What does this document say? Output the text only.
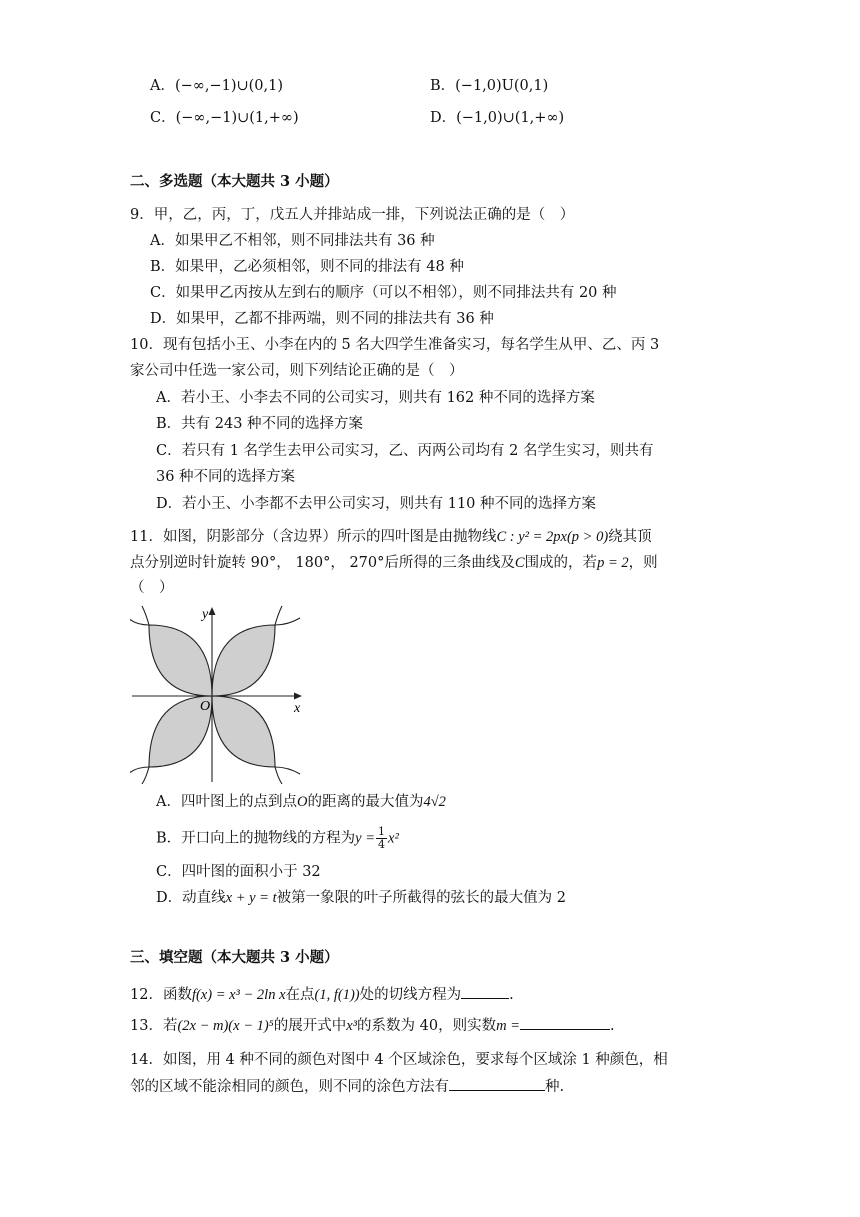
A．(−∞,−1)∪(0,1)	B．(−1,0)U(0,1)
C．(−∞,−1)∪(1,+∞)	D．(−1,0)∪(1,+∞)
二、多选题（本大题共 3 小题）
9．甲，乙，丙，丁，戊五人并排站成一排，下列说法正确的是（　）
A．如果甲乙不相邻，则不同排法共有 36 种
B．如果甲，乙必须相邻，则不同的排法有 48 种
C．如果甲乙丙按从左到右的顺序（可以不相邻），则不同排法共有 20 种
D．如果甲，乙都不排两端，则不同的排法共有 36 种
10．现有包括小王、小李在内的 5 名大四学生准备实习，每名学生从甲、乙、丙 3
家公司中任选一家公司，则下列结论正确的是（　）
A．若小王、小李去不同的公司实习，则共有 162 种不同的选择方案
B．共有 243 种不同的选择方案
C．若只有 1 名学生去甲公司实习，乙、丙两公司均有 2 名学生实习，则共有
36 种不同的选择方案
D．若小王、小李都不去甲公司实习，则共有 110 种不同的选择方案
11．如图，阴影部分（含边界）所示的四叶图是由抛物线C : y² = 2px(p > 0)绕其顶
点分别逆时针旋转 90°， 180°， 270°后所得的三条曲线及C围成的，若p = 2，则
（　）
y
x
O
A．四叶图上的点到点O的距离的最大值为4√2
B．开口向上的抛物线的方程为$y = \frac{1}{4} x^2$
C．四叶图的面积小于 32
D．动直线x + y = t被第一象限的叶子所截得的弦长的最大值为 2
三、填空题（本大题共 3 小题）
12．函数f(x) = x³ − 2ln x在点(1, f(1))处的切线方程为	.
13．若(2x − m)(x − 1)⁵的展开式中x³的系数为 40，则实数m =	.
14．如图，用 4 种不同的颜色对图中 4 个区域涂色，要求每个区域涂 1 种颜色，相
邻的区域不能涂相同的颜色，则不同的涂色方法有	种.
